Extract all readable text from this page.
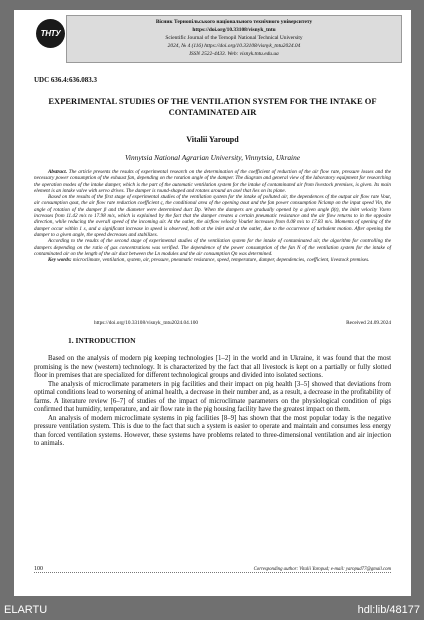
ТНТУ
Вісник Тернопільського національного технічного університету
https://doi.org/10.33108/visnyk_tntu
Scientific Journal of the Ternopil National Technical University
2024, № 4 (116) https://doi.org/10.33108/visnyk_tntu2024.04
ISSN 2522-4433. Web: visnyk.tntu.edu.ua
UDC 636.4:636.083.3
EXPERIMENTAL STUDIES OF THE VENTILATION SYSTEM FOR THE INTAKE OF CONTAMINATED AIR
Vitalii Yaroupd
Vinnytsia National Agrarian University, Vinnytsia, Ukraine

Abstract. The article presents the results of experimental research on the determination of the coefficient of reduction of the air flow rate, pressure losses and the necessary power consumption of the exhaust fan, depending on the rotation angle of the damper. The diagram and general view of the laboratory equipment for researching the operation modes of the intake damper, which is the part of the automatic ventilation system for the intake of contaminated air from livestock premises, is given. Its main element is an intake valve with servo drives. The damper is round-shaped and rotates around an axel that lies on its plane.

Based on the results of the first stage of experimental studies of the ventilation system for the intake of polluted air, the dependences of the output air flow rate Vout, air consumption qout, the air flow rate reduction coefficient ς, the conditional area of the opening σout and the fan power consumption Nclamp on the input speed Vin, the angle of rotation of the damper β and the diameter were determined duct Dp. When the dampers are gradually opened by a given angle β(t), the inlet velocity Vzero increases from 11.42 m/s to 17.98 m/s, which is explained by the fact that the damper creates a certain pneumatic resistance and the air flow returns to in the opposite direction, while reducing the overall speed of the incoming air. At the outlet, the airflow velocity Voutlet increases from 0.08 m/s to 17.83 m/s. Moments of opening of the damper occur within 1 s, and a significant increase in speed is observed, both at the inlet and at the outlet, due to the occurrence of turbulent motion. After opening the damper to a given angle, the speed decreases and stabilizes.

According to the results of the second stage of experimental studies of the ventilation system for the intake of contaminated air, the algorithm for controlling the dampers depending on the ratio of gas concentrations was verified. The dependence of the power consumption of the fan N of the ventilation system for the intake of contaminated air on the length of the air duct between the Ln modules and the air consumption Qn was determined.

Key words: microclimate, ventilation, system, air, pressure, pneumatic resistance, speed, temperature, damper, dependencies, coefficient, livestock premises.

https://doi.org/10.33108/visnyk_tntu2024.04.100	Received 24.09.2024
1. INTRODUCTION

Based on the analysis of modern pig keeping technologies [1–2] in the world and in Ukraine, it was found that the most promising is the new (western) technology. It is characterized by the fact that all livestock is kept on a partially or fully slotted floor in premises that are specialized for different technological groups and divided into isolated sections.

The analysis of microclimate parameters in pig facilities and their impact on pig health [3–5] showed that deviations from optimal conditions lead to worsening of animal health, a decrease in their number and, as a result, a decrease in the profitability of farms. A literature review [6–7] of studies of the impact of microclimate parameters on the physiological condition of pigs confirmed that humidity, temperature, and air flow rate in the pig housing facility have the greatest impact on them.

An analysis of modern microclimate systems in pig facilities [8–9] has shown that the most popular today is the negative pressure ventilation system. This is due to the fact that such a system is easier to operate and maintain and consumes less energy than forced ventilation systems. However, these systems have problems related to three-dimensional ventilation and air injection to animals.

100	Corresponding author: Vitalii Yaropud; e-mail: yaropud77@gmail.com
ELARTU	hdl:lib/48177
